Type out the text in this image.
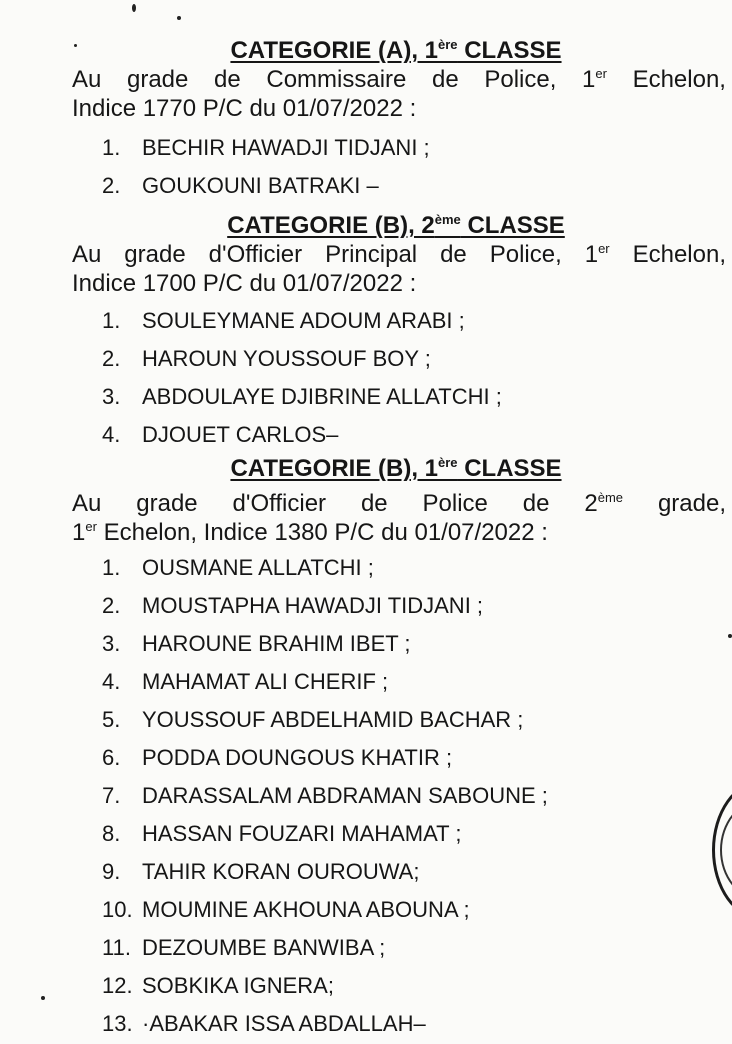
CATEGORIE (A), 1ère CLASSE
Au grade de Commissaire de Police, 1er Echelon,
Indice 1770 P/C du 01/07/2022 :
1. BECHIR HAWADJI TIDJANI ;
2. GOUKOUNI BATRAKI –
CATEGORIE (B), 2ème CLASSE
Au grade d'Officier Principal de Police, 1er Echelon,
Indice 1700 P/C du 01/07/2022 :
1. SOULEYMANE ADOUM ARABI ;
2. HAROUN YOUSSOUF BOY ;
3. ABDOULAYE DJIBRINE ALLATCHI ;
4. DJOUET CARLOS–
CATEGORIE (B), 1ère CLASSE
Au grade d'Officier de Police de 2ème grade,
1er Echelon, Indice 1380 P/C du 01/07/2022 :
1. OUSMANE ALLATCHI ;
2. MOUSTAPHA HAWADJI TIDJANI ;
3. HAROUNE BRAHIM IBET ;
4. MAHAMAT ALI CHERIF ;
5. YOUSSOUF ABDELHAMID BACHAR ;
6. PODDA DOUNGOUS KHATIR ;
7. DARASSALAM ABDRAMAN SABOUNE ;
8. HASSAN FOUZARI MAHAMAT ;
9. TAHIR KORAN OUROUWA;
10. MOUMINE AKHOUNA ABOUNA ;
11. DEZOUMBE BANWIBA ;
12. SOBKIKA IGNERA;
13. ·ABAKAR ISSA ABDALLAH–
